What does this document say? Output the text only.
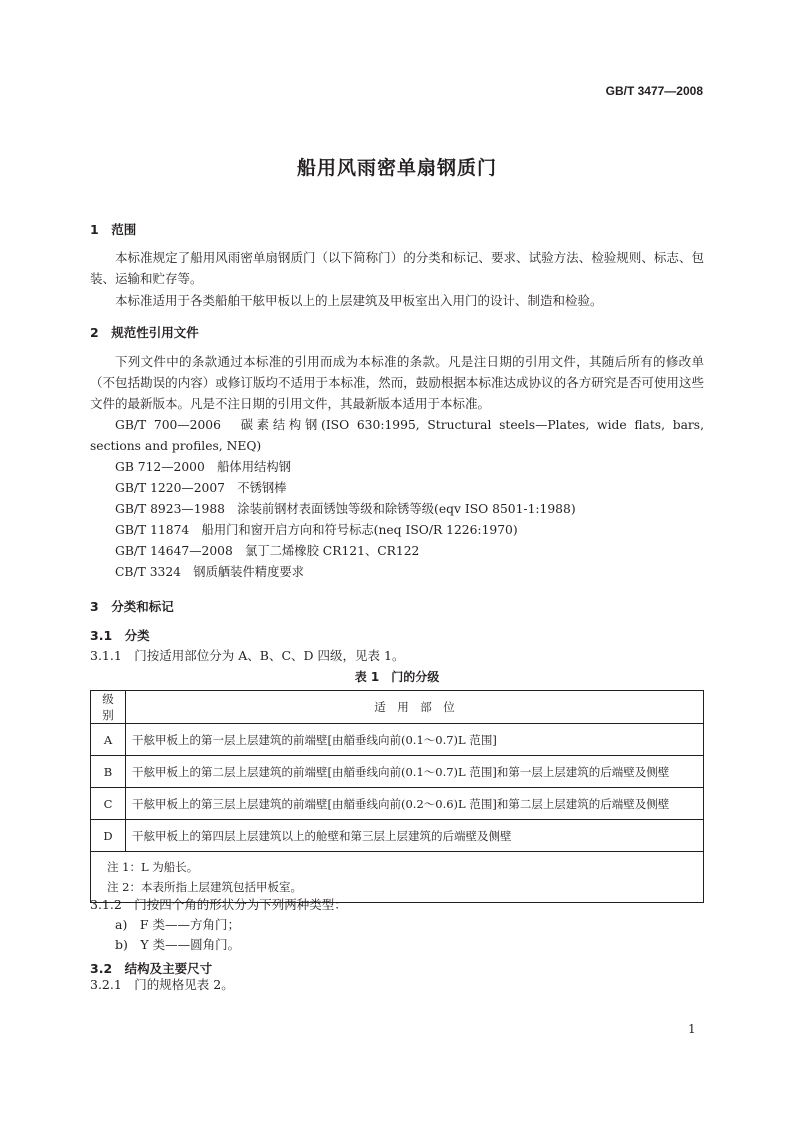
GB/T 3477—2008
船用风雨密单扇钢质门
1　范围
本标准规定了船用风雨密单扇钢质门（以下简称门）的分类和标记、要求、试验方法、检验规则、标志、包装、运输和贮存等。
本标准适用于各类船舶干舷甲板以上的上层建筑及甲板室出入用门的设计、制造和检验。
2　规范性引用文件
下列文件中的条款通过本标准的引用而成为本标准的条款。凡是注日期的引用文件，其随后所有的修改单（不包括勘误的内容）或修订版均不适用于本标准，然而，鼓励根据本标准达成协议的各方研究是否可使用这些文件的最新版本。凡是不注日期的引用文件，其最新版本适用于本标准。
GB/T 700—2006　碳素结构钢(ISO 630:1995, Structural steels—Plates, wide flats, bars, sections and profiles, NEQ)
GB 712—2000　船体用结构钢
GB/T 1220—2007　不锈钢棒
GB/T 8923—1988　涂装前钢材表面锈蚀等级和除锈等级(eqv ISO 8501-1:1988)
GB/T 11874　船用门和窗开启方向和符号标志(neq ISO/R 1226:1970)
GB/T 14647—2008　氯丁二烯橡胶 CR121、CR122
CB/T 3324　钢质舾装件精度要求
3　分类和标记
3.1　分类
3.1.1　门按适用部位分为 A、B、C、D 四级，见表 1。
表 1　门的分级
级别	适　用　部　位
A	干舷甲板上的第一层上层建筑的前端壁[由艏垂线向前(0.1～0.7)L 范围]
B	干舷甲板上的第二层上层建筑的前端壁[由艏垂线向前(0.1～0.7)L 范围]和第一层上层建筑的后端壁及侧壁
C	干舷甲板上的第三层上层建筑的前端壁[由艏垂线向前(0.2～0.6)L 范围]和第二层上层建筑的后端壁及侧壁
D	干舷甲板上的第四层上层建筑以上的舱壁和第三层上层建筑的后端壁及侧壁

注 1：L 为船长。
注 2：本表所指上层建筑包括甲板室。	
3.1.2　门按四个角的形状分为下列两种类型：
a)　F 类——方角门；
b)　Y 类——圆角门。
3.2　结构及主要尺寸
3.2.1　门的规格见表 2。
1
